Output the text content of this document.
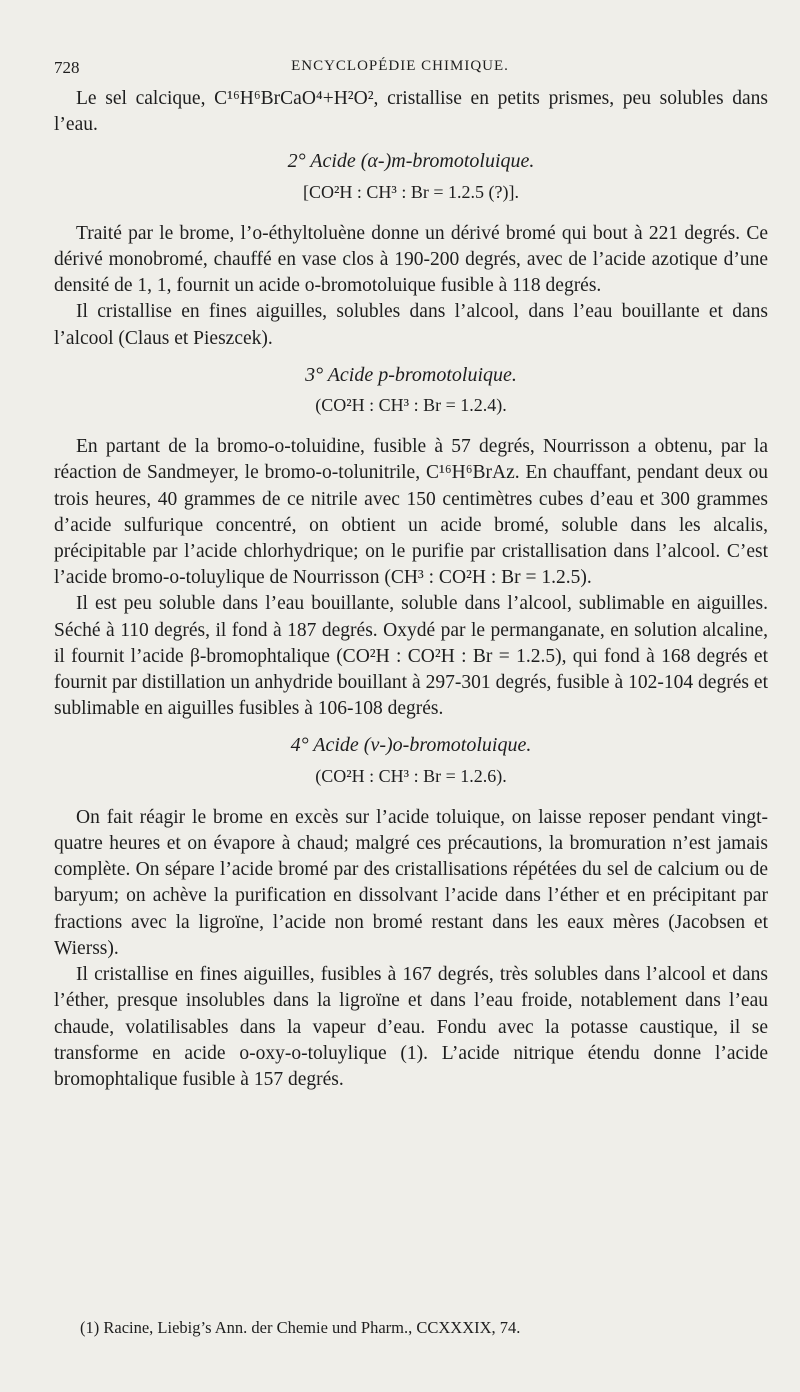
728	ENCYCLOPÉDIE CHIMIQUE.

Le sel calcique, C¹⁶H⁶BrCaO⁴+H²O², cristallise en petits prismes, peu solubles dans l’eau.

2° Acide (α-)m-bromotoluique.
[CO²H : CH³ : Br = 1.2.5 (?)].

Traité par le brome, l’o-éthyltoluène donne un dérivé bromé qui bout à 221 degrés. Ce dérivé monobromé, chauffé en vase clos à 190-200 degrés, avec de l’acide azotique d’une densité de 1, 1, fournit un acide o-bromotoluique fusible à 118 degrés.

Il cristallise en fines aiguilles, solubles dans l’alcool, dans l’eau bouillante et dans l’alcool (Claus et Pieszcek).

3° Acide p-bromotoluique.
(CO²H : CH³ : Br = 1.2.4).

En partant de la bromo-o-toluidine, fusible à 57 degrés, Nourrisson a obtenu, par la réaction de Sandmeyer, le bromo-o-tolunitrile, C¹⁶H⁶BrAz. En chauffant, pendant deux ou trois heures, 40 grammes de ce nitrile avec 150 centimètres cubes d’eau et 300 grammes d’acide sulfurique concentré, on obtient un acide bromé, soluble dans les alcalis, précipitable par l’acide chlorhydrique; on le purifie par cristallisation dans l’alcool. C’est l’acide bromo-o-toluylique de Nourrisson (CH³ : CO²H : Br = 1.2.5).

Il est peu soluble dans l’eau bouillante, soluble dans l’alcool, sublimable en aiguilles. Séché à 110 degrés, il fond à 187 degrés. Oxydé par le permanganate, en solution alcaline, il fournit l’acide β-bromophtalique (CO²H : CO²H : Br = 1.2.5), qui fond à 168 degrés et fournit par distillation un anhydride bouillant à 297-301 degrés, fusible à 102-104 degrés et sublimable en aiguilles fusibles à 106-108 degrés.

4° Acide (ν-)o-bromotoluique.
(CO²H : CH³ : Br = 1.2.6).

On fait réagir le brome en excès sur l’acide toluique, on laisse reposer pendant vingt-quatre heures et on évapore à chaud; malgré ces précautions, la bromuration n’est jamais complète. On sépare l’acide bromé par des cristallisations répétées du sel de calcium ou de baryum; on achève la purification en dissolvant l’acide dans l’éther et en précipitant par fractions avec la ligroïne, l’acide non bromé restant dans les eaux mères (Jacobsen et Wierss).

Il cristallise en fines aiguilles, fusibles à 167 degrés, très solubles dans l’alcool et dans l’éther, presque insolubles dans la ligroïne et dans l’eau froide, notablement dans l’eau chaude, volatilisables dans la vapeur d’eau. Fondu avec la potasse caustique, il se transforme en acide o-oxy-o-toluylique (1). L’acide nitrique étendu donne l’acide bromophtalique fusible à 157 degrés.

(1) Racine, Liebig’s Ann. der Chemie und Pharm., CCXXXIX, 74.
